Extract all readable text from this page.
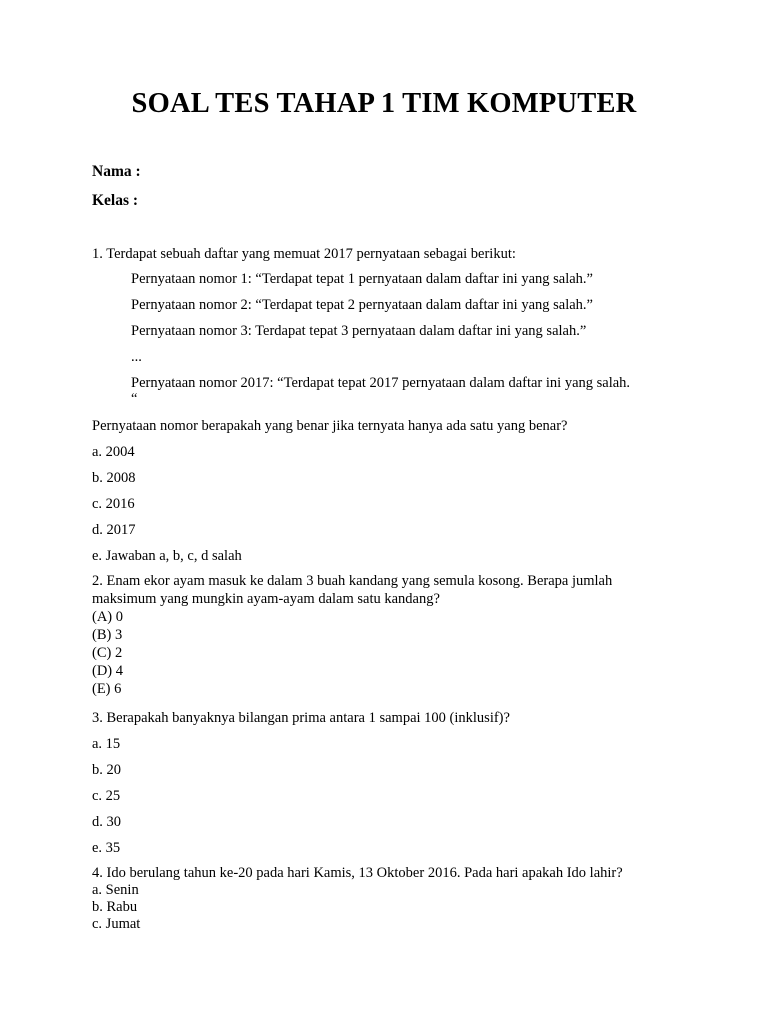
SOAL TES TAHAP 1 TIM KOMPUTER
Nama :
Kelas :
1. Terdapat sebuah daftar yang memuat 2017 pernyataan sebagai berikut:
Pernyataan nomor 1: “Terdapat tepat 1 pernyataan dalam daftar ini yang salah.”
Pernyataan nomor 2: “Terdapat tepat 2 pernyataan dalam daftar ini yang salah.”
Pernyataan nomor 3: Terdapat tepat 3 pernyataan dalam daftar ini yang salah.”
...
Pernyataan nomor 2017: “Terdapat tepat 2017 pernyataan dalam daftar ini yang salah.
“
Pernyataan nomor berapakah yang benar jika ternyata hanya ada satu yang benar?
a. 2004
b. 2008
c. 2016
d. 2017
e. Jawaban a, b, c, d salah
2. Enam ekor ayam masuk ke dalam 3 buah kandang yang semula kosong. Berapa jumlah
maksimum yang mungkin ayam-ayam dalam satu kandang?
(A) 0
(B) 3
(C) 2
(D) 4
(E) 6
3. Berapakah banyaknya bilangan prima antara 1 sampai 100 (inklusif)?
a. 15
b. 20
c. 25
d. 30
e. 35
4. Ido berulang tahun ke-20 pada hari Kamis, 13 Oktober 2016. Pada hari apakah Ido lahir?
a. Senin
b. Rabu
c. Jumat
